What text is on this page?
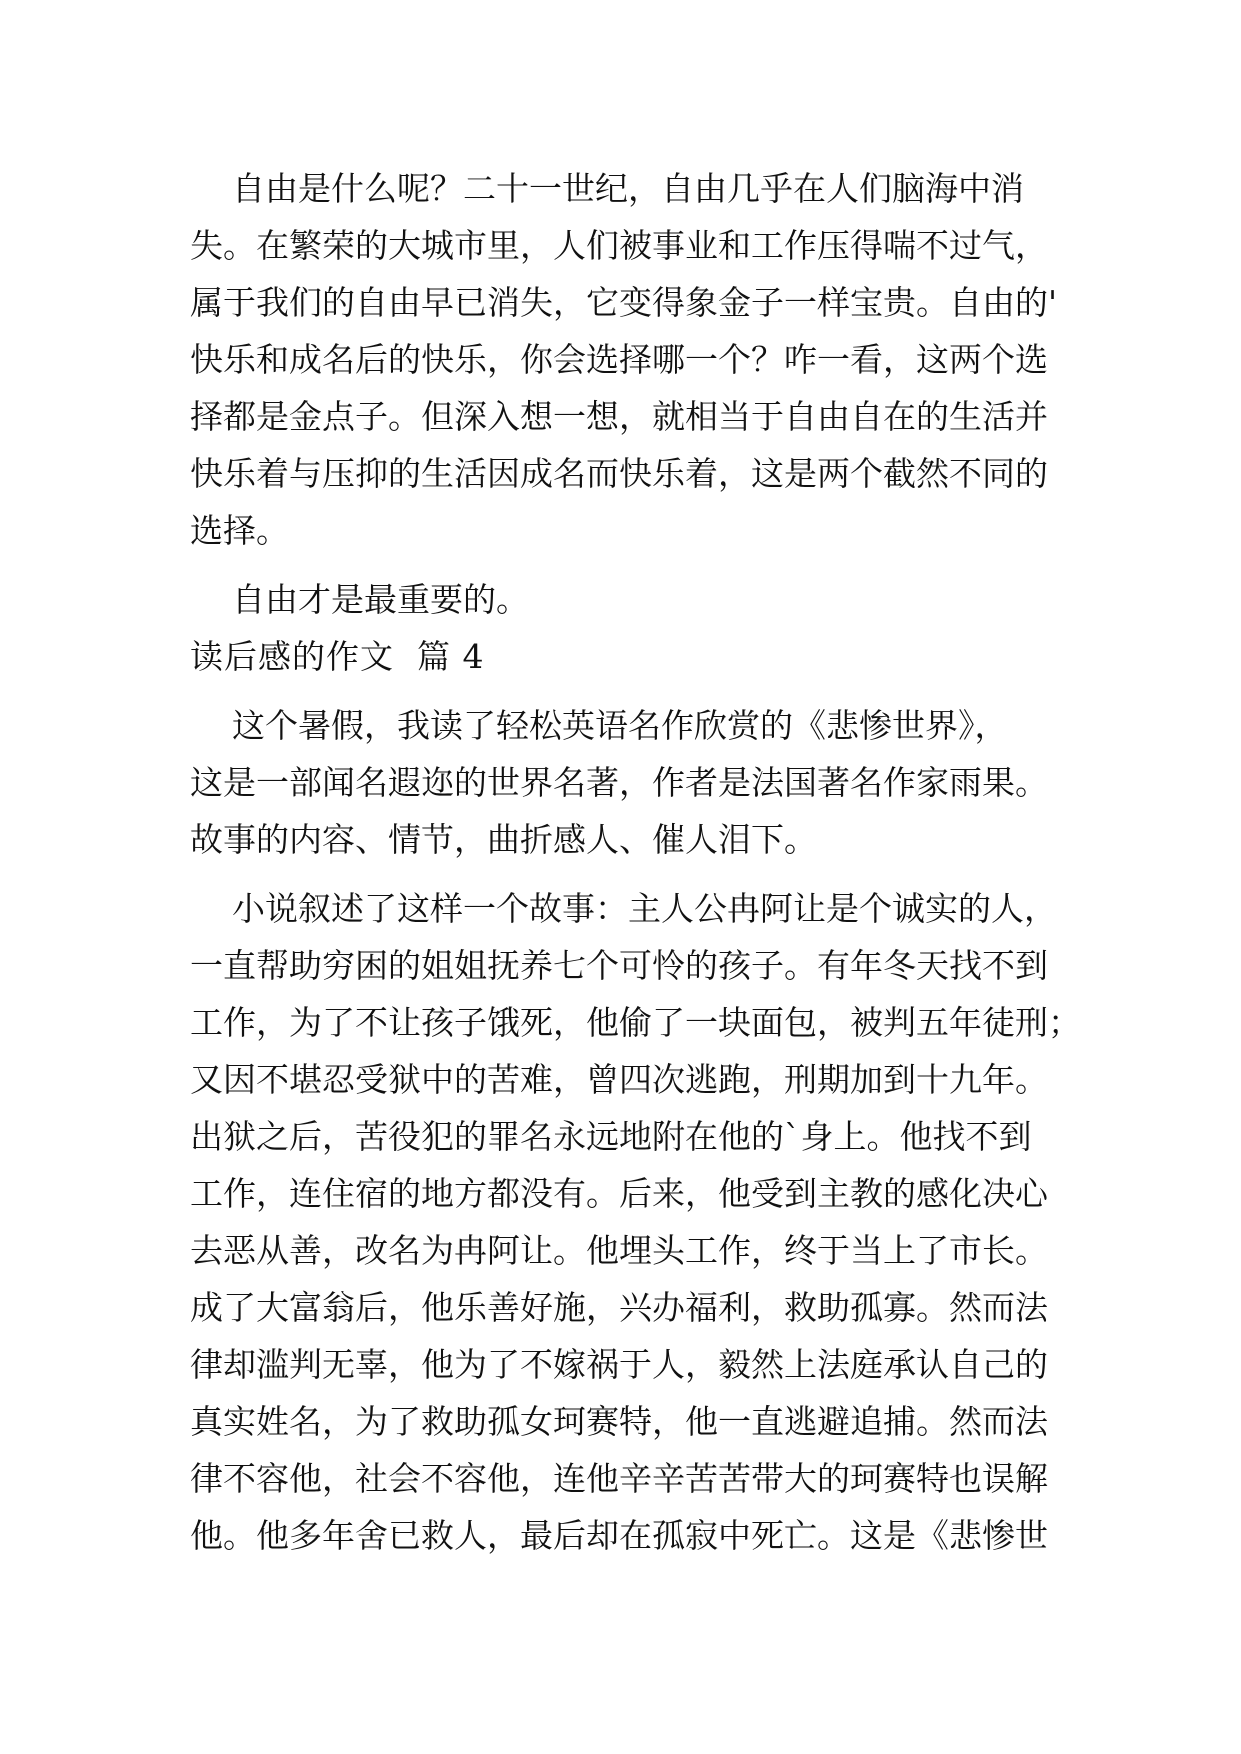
自由是什么呢？二十一世纪，自由几乎在人们脑海中消
失。在繁荣的大城市里，人们被事业和工作压得喘不过气，
属于我们的自由早已消失，它变得象金子一样宝贵。自由的'
快乐和成名后的快乐，你会选择哪一个？咋一看，这两个选
择都是金点子。但深入想一想，就相当于自由自在的生活并
快乐着与压抑的生活因成名而快乐着，这是两个截然不同的
选择。
自由才是最重要的。
读后感的作文  篇 4
这个暑假，我读了轻松英语名作欣赏的《悲惨世界》，
这是一部闻名遐迩的世界名著，作者是法国著名作家雨果。
故事的内容、情节，曲折感人、催人泪下。
小说叙述了这样一个故事：主人公冉阿让是个诚实的人，
一直帮助穷困的姐姐抚养七个可怜的孩子。有年冬天找不到
工作，为了不让孩子饿死，他偷了一块面包，被判五年徒刑；
又因不堪忍受狱中的苦难，曾四次逃跑，刑期加到十九年。
出狱之后，苦役犯的罪名永远地附在他的`身上。他找不到
工作，连住宿的地方都没有。后来，他受到主教的感化决心
去恶从善，改名为冉阿让。他埋头工作，终于当上了市长。
成了大富翁后，他乐善好施，兴办福利，救助孤寡。然而法
律却滥判无辜，他为了不嫁祸于人，毅然上法庭承认自己的
真实姓名，为了救助孤女珂赛特，他一直逃避追捕。然而法
律不容他，社会不容他，连他辛辛苦苦带大的珂赛特也误解
他。他多年舍已救人，最后却在孤寂中死亡。这是《悲惨世
